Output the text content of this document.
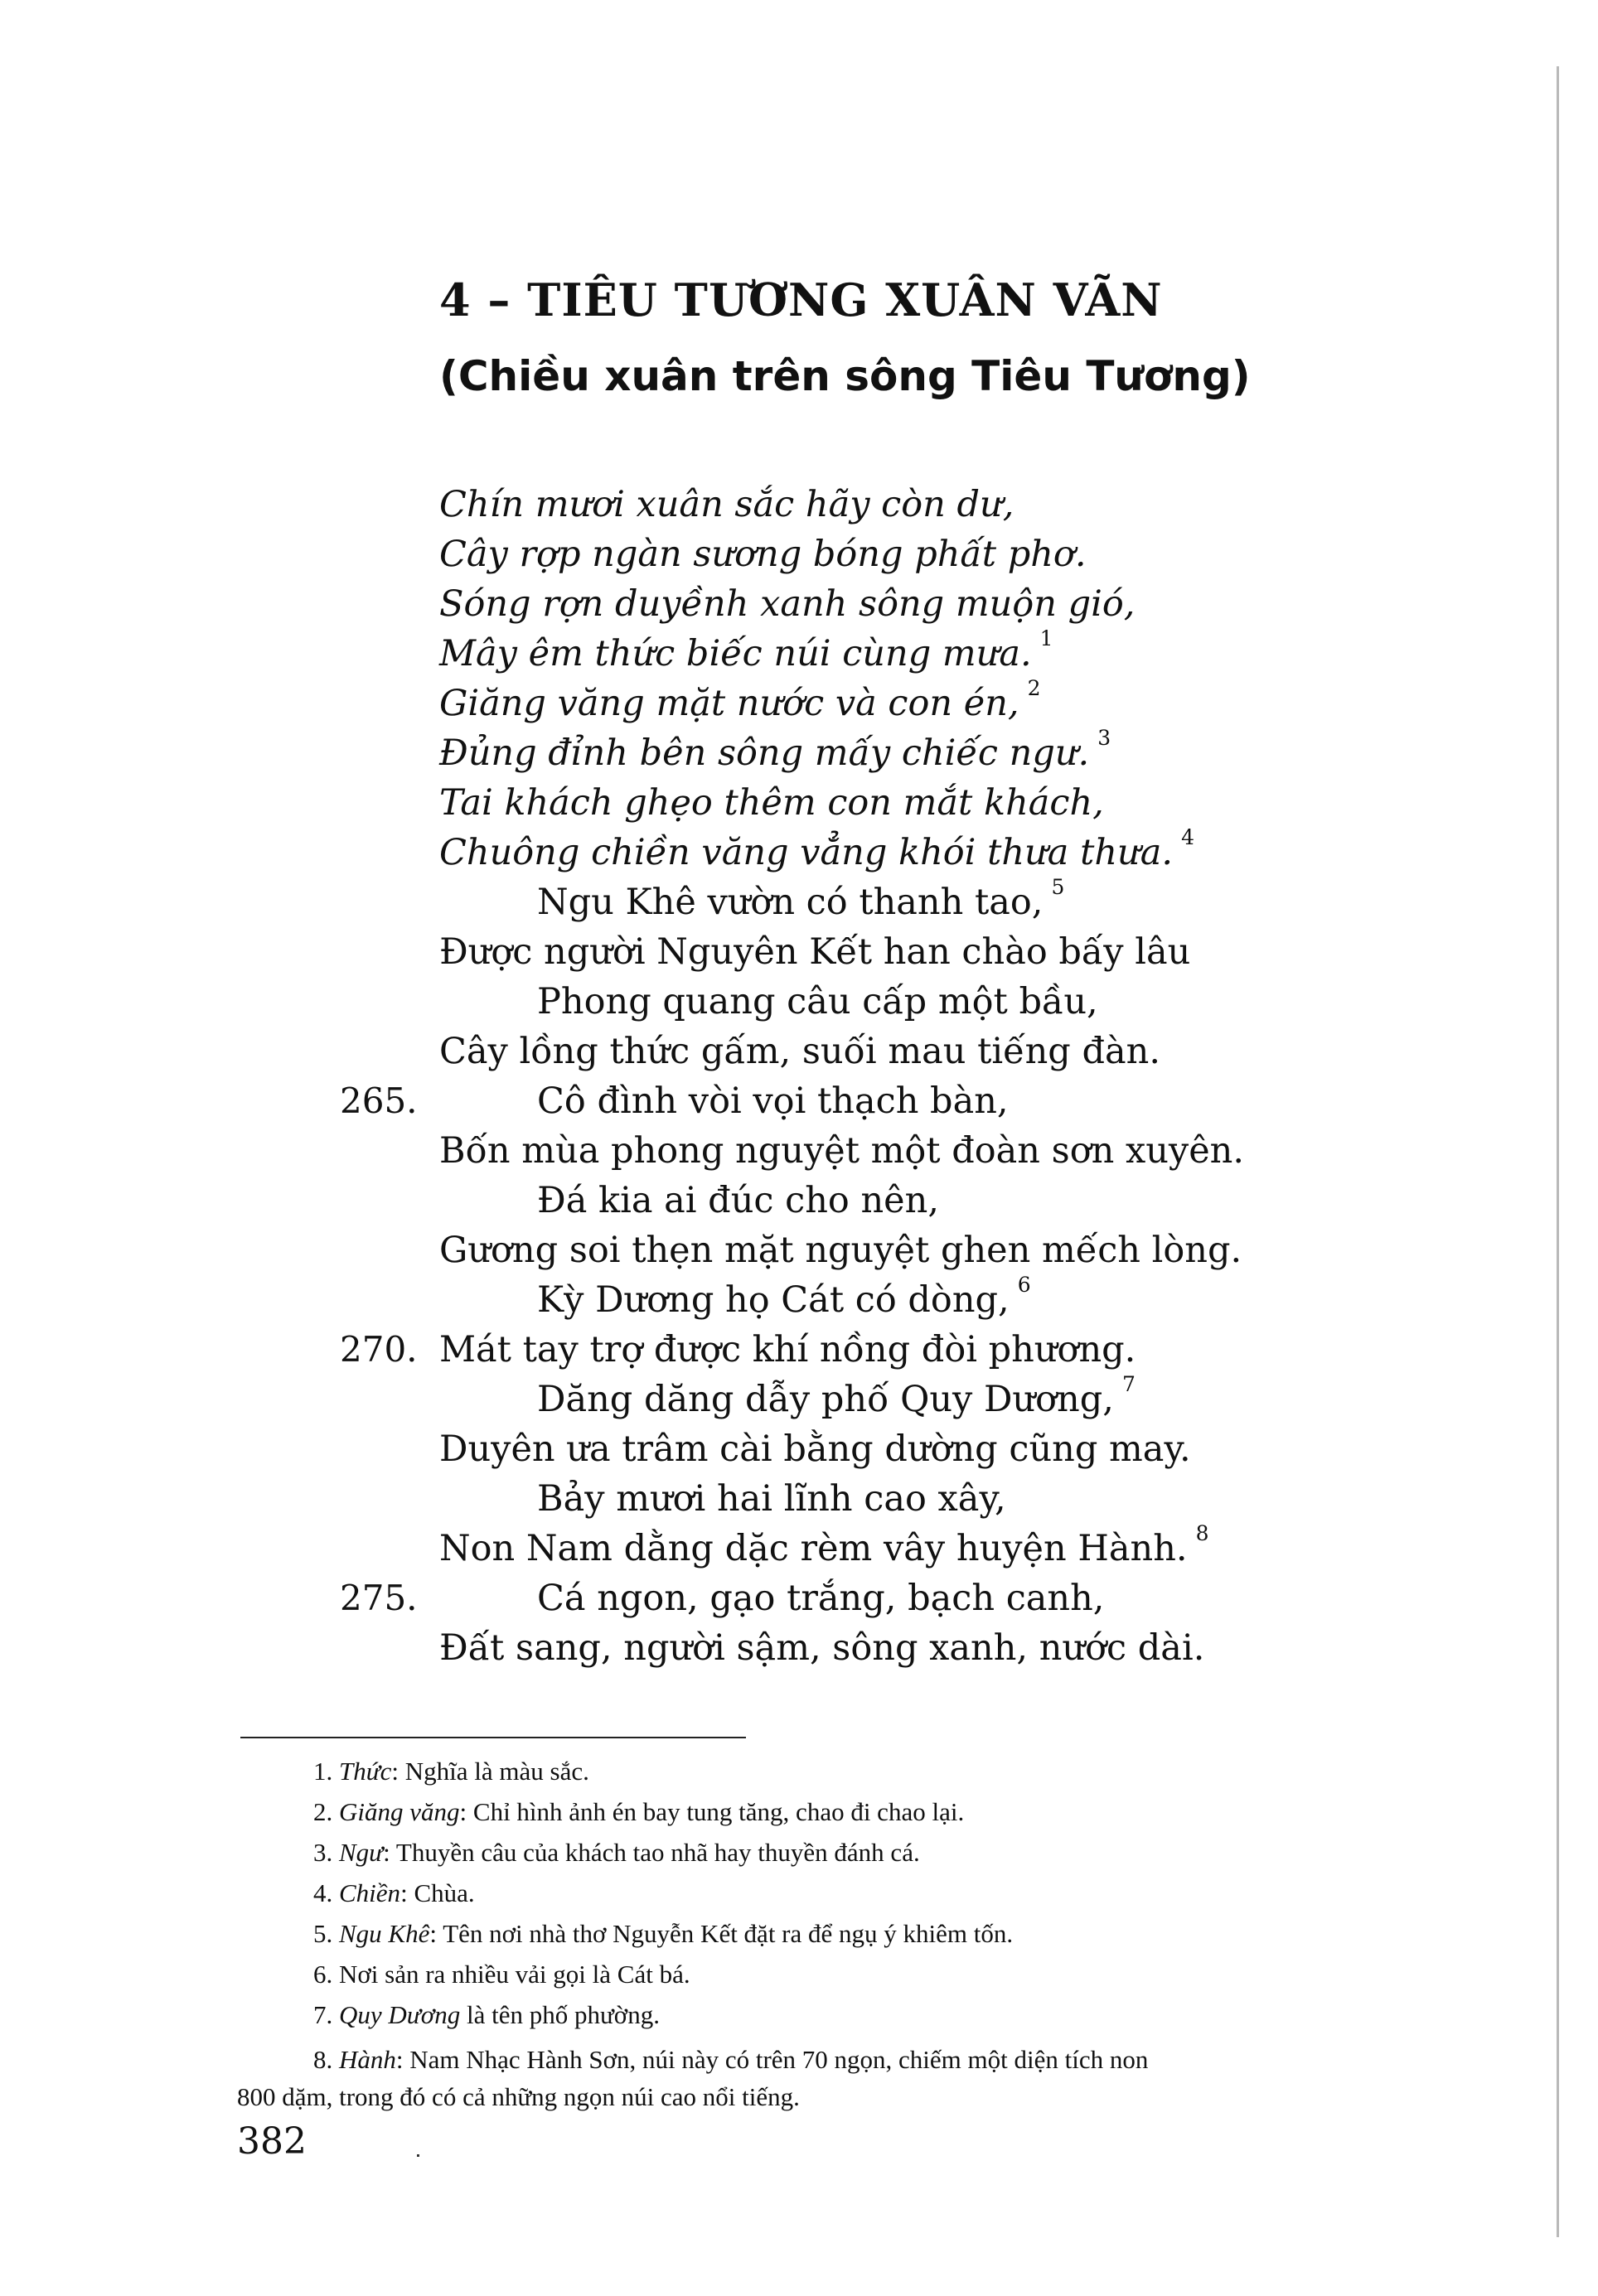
4 – TIÊU TƯƠNG XUÂN VÃN
(Chiều xuân trên sông Tiêu Tương)
Chín mươi xuân sắc hãy còn dư,
Cây rợp ngàn sương bóng phất phơ.
Sóng rợn duyềnh xanh sông muộn gió,
Mây êm thức biếc núi cùng mưa. $^1$
Giăng văng mặt nước và con én, $^2$
Đủng đỉnh bên sông mấy chiếc ngư. $^3$
Tai khách ghẹo thêm con mắt khách,
Chuông chiền văng vẳng khói thưa thưa. $^4$
Ngu Khê vườn có thanh tao, $^5$
Được người Nguyên Kết han chào bấy lâu
Phong quang câu cấp một bầu,
Cây lồng thức gấm, suối mau tiếng đàn.
265.	Cô đình vòi vọi thạch bàn,
Bốn mùa phong nguyệt một đoàn sơn xuyên.
Đá kia ai đúc cho nên,
Gương soi thẹn mặt nguyệt ghen mếch lòng.
Kỳ Dương họ Cát có dòng, $^6$
270. Mát tay trợ được khí nồng đòi phương.
Dăng dăng dẫy phố Quy Dương, $^7$
Duyên ưa trâm cài bằng dường cũng may.
Bảy mươi hai lĩnh cao xây,
Non Nam dằng dặc rèm vây huyện Hành. $^8$
275.	Cá ngon, gạo trắng, bạch canh,
Đất sang, người sậm, sông xanh, nước dài.
1. Thức: Nghĩa là màu sắc.
2. Giăng văng: Chỉ hình ảnh én bay tung tăng, chao đi chao lại.
3. Ngư: Thuyền câu của khách tao nhã hay thuyền đánh cá.
4. Chiền: Chùa.
5. Ngu Khê: Tên nơi nhà thơ Nguyễn Kết đặt ra để ngụ ý khiêm tốn.
6. Nơi sản ra nhiều vải gọi là Cát bá.
7. Quy Dương là tên phố phường.
8. Hành: Nam Nhạc Hành Sơn, núi này có trên 70 ngọn, chiếm một diện tích non
800 dặm, trong đó có cả những ngọn núi cao nổi tiếng.
382
